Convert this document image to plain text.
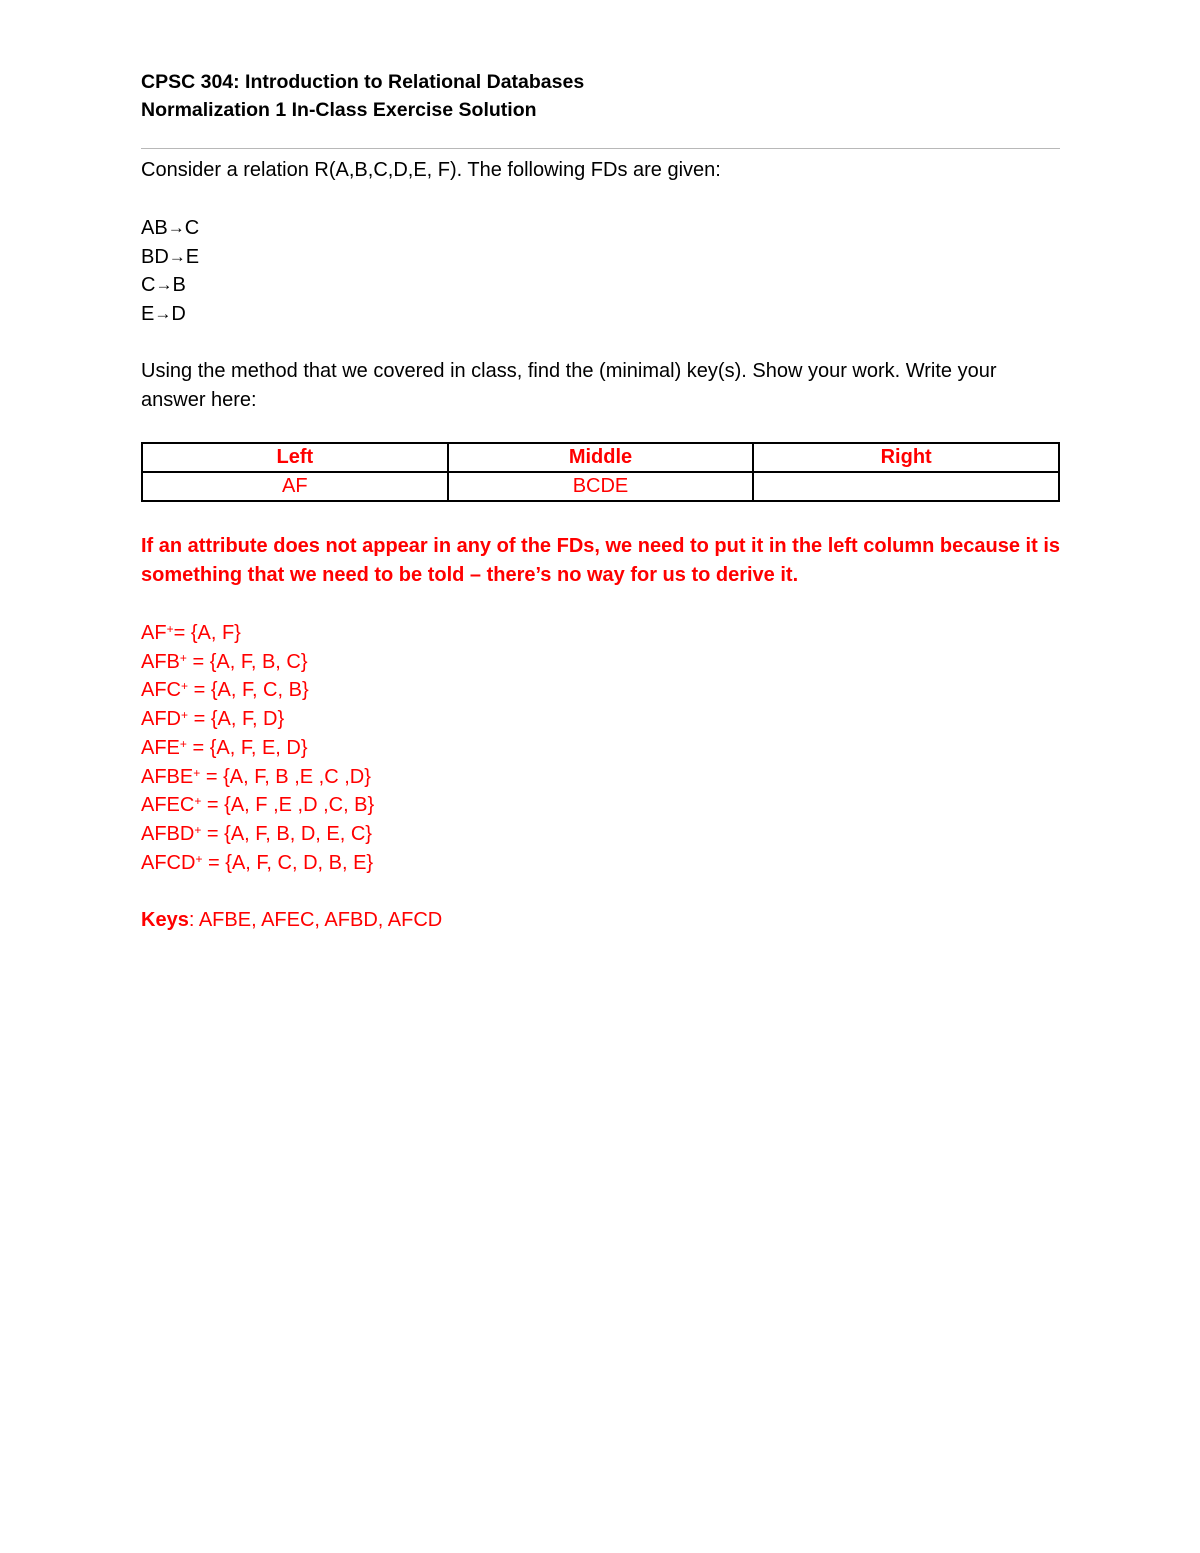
CPSC 304: Introduction to Relational Databases

Normalization 1 In-Class Exercise Solution

Consider a relation R(A,B,C,D,E, F). The following FDs are given:

AB→C

BD→E

C→B

E→D

Using the method that we covered in class, find the (minimal) key(s). Show your work. Write your answer here:

Left	Middle	Right
AF	BCDE	

If an attribute does not appear in any of the FDs, we need to put it in the left column because it is something that we need to be told – there’s no way for us to derive it.

AF+= {A, F}

AFB+ = {A, F, B, C}

AFC+ = {A, F, C, B}

AFD+ = {A, F, D}

AFE+ = {A, F, E, D}

AFBE+ = {A, F, B ,E ,C ,D}

AFEC+ = {A, F ,E ,D ,C, B}

AFBD+ = {A, F, B, D, E, C}

AFCD+ = {A, F, C, D, B, E}

Keys: AFBE, AFEC, AFBD, AFCD
